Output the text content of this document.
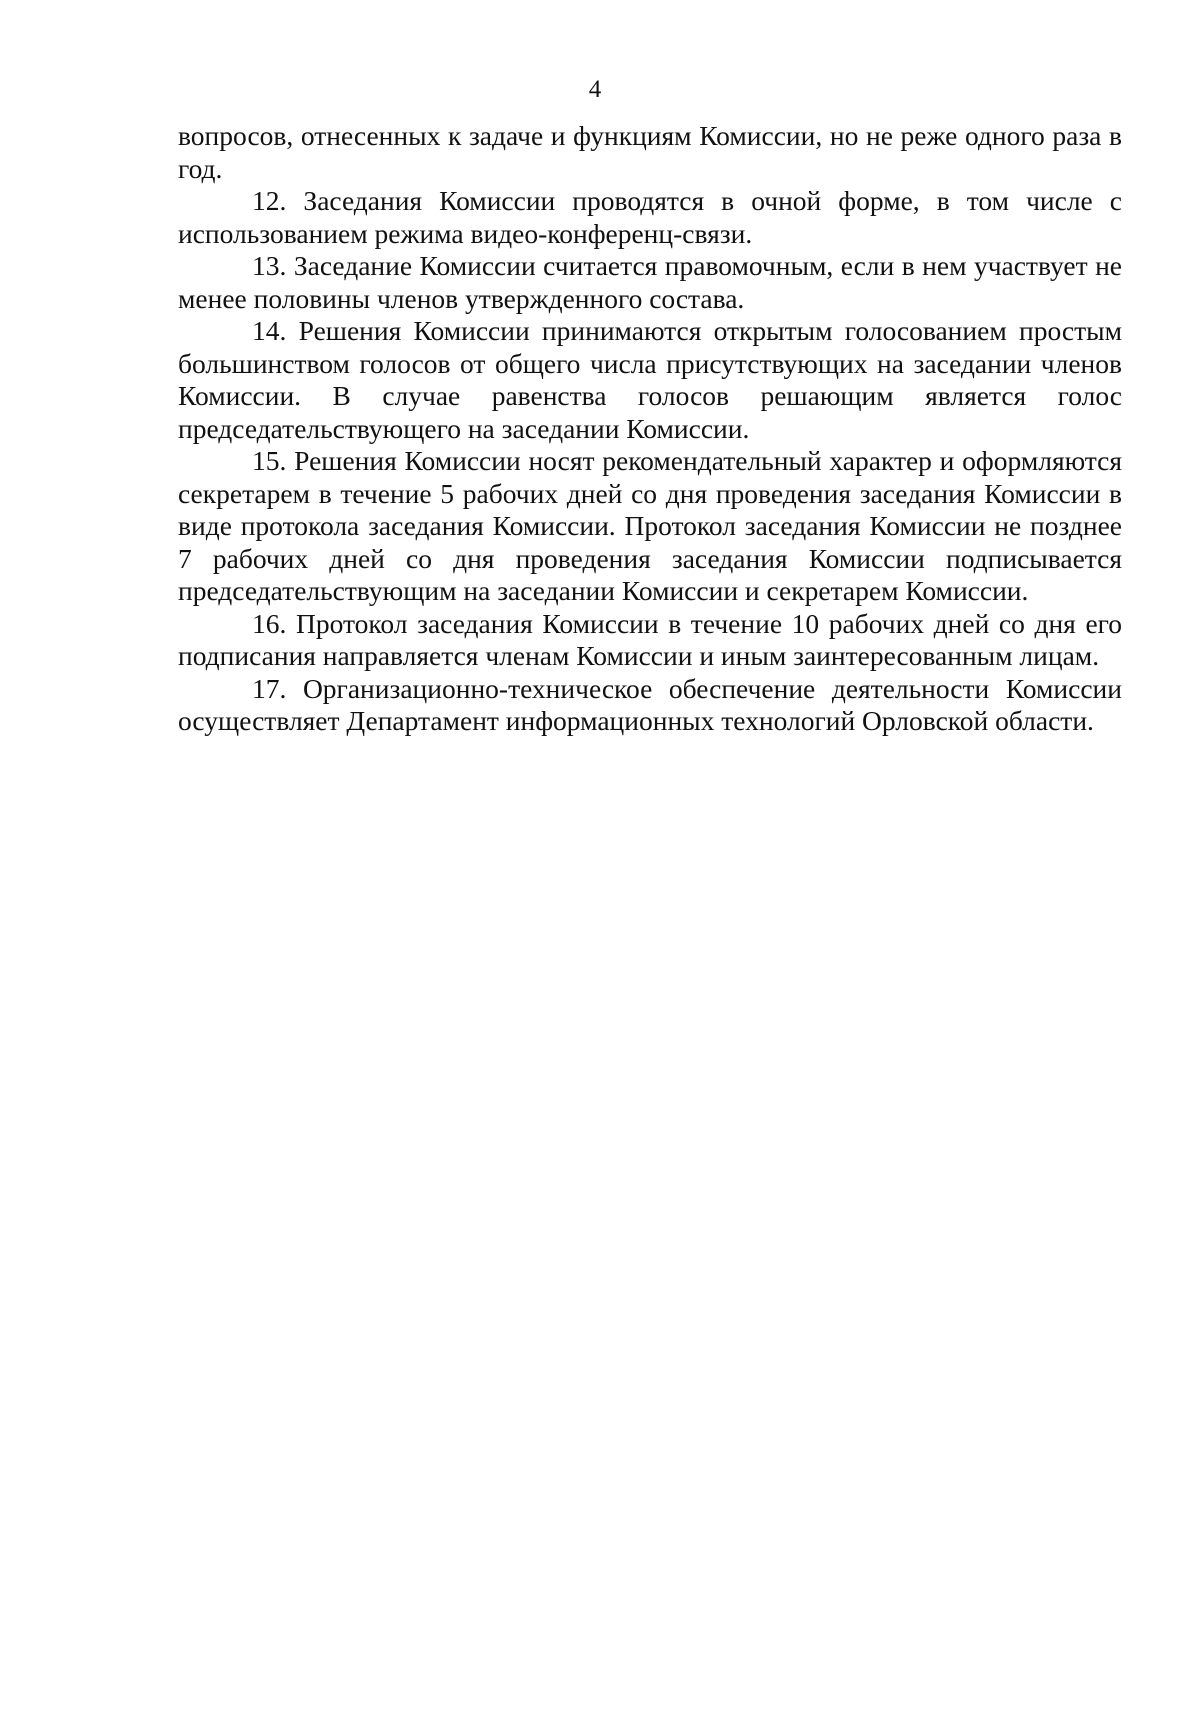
4

вопросов, отнесенных к задаче и функциям Комиссии, но не реже одного раза в год.

12. Заседания Комиссии проводятся в очной форме, в том числе с использованием режима видео-конференц-связи.

13. Заседание Комиссии считается правомочным, если в нем участвует не менее половины членов утвержденного состава.

14. Решения Комиссии принимаются открытым голосованием простым большинством голосов от общего числа присутствующих на заседании членов Комиссии. В случае равенства голосов решающим является голос председательствующего на заседании Комиссии.

15. Решения Комиссии носят рекомендательный характер и оформляются секретарем в течение 5 рабочих дней со дня проведения заседания Комиссии в виде протокола заседания Комиссии. Протокол заседания Комиссии не позднее 7 рабочих дней со дня проведения заседания Комиссии подписывается председательствующим на заседании Комиссии и секретарем Комиссии.

16. Протокол заседания Комиссии в течение 10 рабочих дней со дня его подписания направляется членам Комиссии и иным заинтересованным лицам.

17. Организационно-техническое обеспечение деятельности Комиссии осуществляет Департамент информационных технологий Орловской области.
